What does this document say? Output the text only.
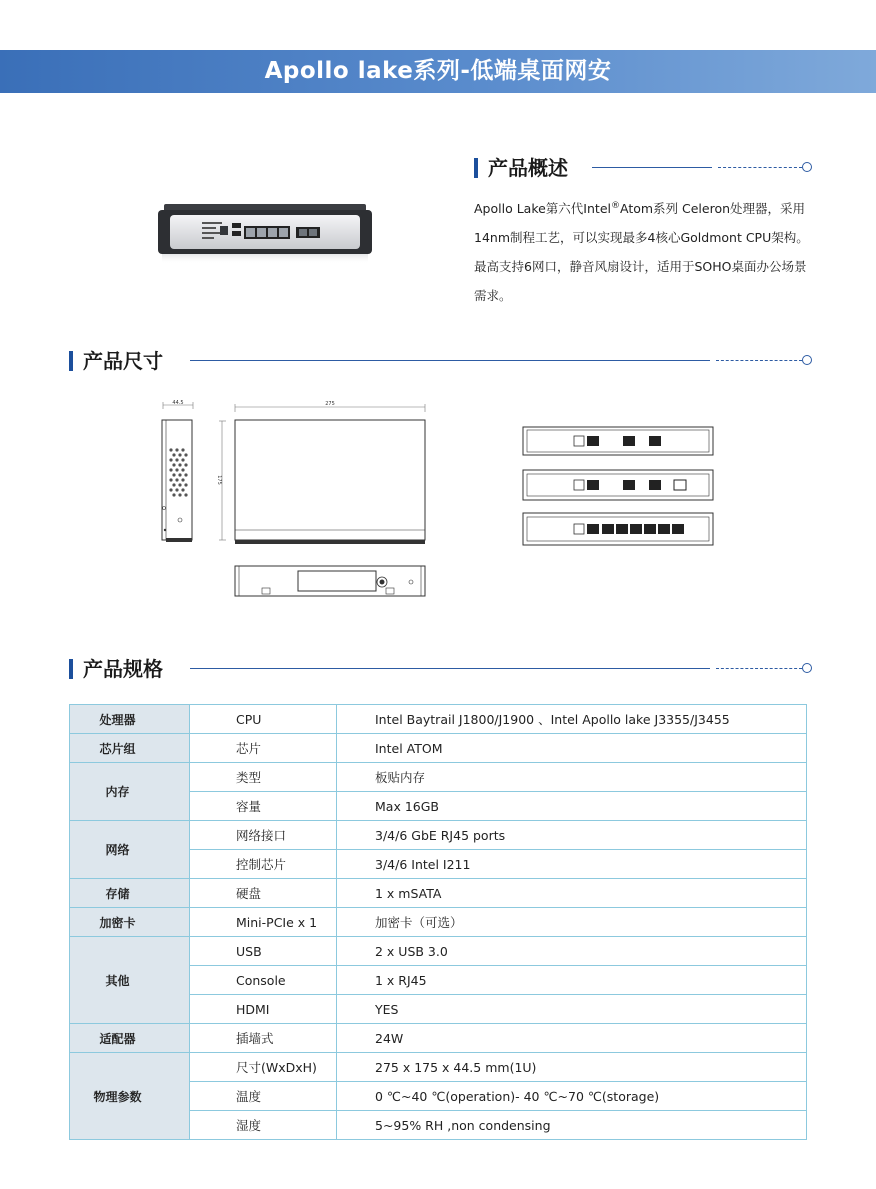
Apollo lake系列-低端桌面网安
产品概述
Apollo Lake第六代Intel®Atom系列 Celeron处理器，采用14nm制程工艺，可以实现最多4核心Goldmont CPU架构。最高支持6网口，静音风扇设计，适用于SOHO桌面办公场景需求。
产品尺寸
44.5	275
175
产品规格
处理器	CPU	Intel Baytrail J1800/J1900 、Intel Apollo lake J3355/J3455
芯片组	芯片	Intel ATOM
内存	类型	板贴内存
	容量	Max 16GB
网络	网络接口	3/4/6 GbE RJ45 ports
	控制芯片	3/4/6 Intel I211
存储	硬盘	1 x mSATA
加密卡	Mini-PCIe x 1	加密卡（可选）
其他	USB	2 x USB 3.0
	Console	1 x RJ45
	HDMI	YES
适配器	插墙式	24W
物理参数	尺寸(WxDxH)	275 x 175 x 44.5 mm(1U)
	温度	0 ℃~40 ℃(operation)- 40 ℃~70 ℃(storage)
	湿度	5~95% RH ,non condensing
